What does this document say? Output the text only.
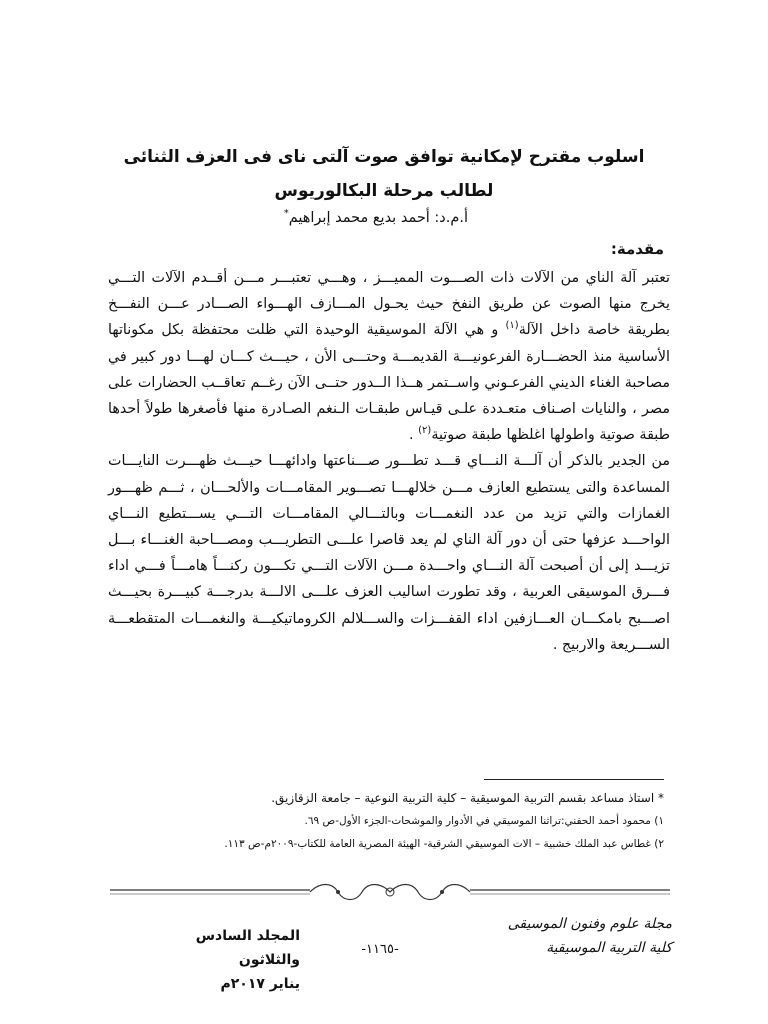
اسلوب مقترح لإمكانية توافق صوت آلتى ناى فى العزف الثنائى

لطالب مرحلة البكالوريوس

أ.م.د: أحمد بديع محمد إبراهيم*
مقدمة:

تعتبر آلة الناي من الآلات ذات الصـــوت المميـــز ، وهـــي تعتبـــر مـــن أقــدم الآلات التـــي يخرج منها الصوت عن طريق النفخ حيث يحـول المـــازف الهـــواء الصـــادر عـــن النفـــخ بطريقة خاصة داخل الآلة$^{(١)}$ و هي الآلة الموسيقية الوحيدة التي ظلت محتفظة بكل مكوناتها الأساسية منذ الحضـــارة الفرعونيـــة القديمـــة وحتـــى الأن ، حيـــث كـــان لهـــا دور كبير في مصاحبة الغناء الديني الفرعـوني واســتمر هــذا الــدور حتــى الآن رغــم تعاقــب الحضارات على مصر ، والنايات اصـناف متعـددة علـى قيـاس طبقـات الـنغم الصـادرة منها فأصغرها طولاً أحدها طبقة صوتية واطولها اغلظها طبقة صوتية$^{(٢)}$ .

من الجدير بالذكر أن آلـــة النـــاي قـــد تطـــور صـــناعتها وادائهـــا حيـــث ظهـــرت النايـــات المساعدة والتى يستطيع العازف مـــن خلالهـــا تصـــوير المقامـــات والألحـــان ، ثـــم ظهـــور الغمازات والتي تزيد من عدد النغمـــات وبالتـــالي المقامـــات التـــي يســـتطيع النـــاي الواحـــد عزفها حتى أن دور آلة الناي لم يعد قاصرا علـــى التطريـــب ومصـــاحبة الغنـــاء بـــل تزيـــد إلى أن أصبحت آلة النـــاي واحـــدة مـــن الآلات التـــي تكـــون ركنـــاً هامـــاً فـــي اداء فـــرق الموسيقى العربية ، وقد تطورت اساليب العزف علـــى الالـــة بدرجـــة كبيـــرة بحيـــث اصـــبح بامكـــان العـــازفين اداء القفـــزات والســـلالم الكروماتيكيـــة والنغمـــات المتقطعـــة الســـريعة والاربيج .

* استاذ مساعد بقسم التربية الموسيقية – كلية التربية النوعية – جامعة الزقازيق.

١) محمود أحمد الحفني:تراثنا الموسيقي في الأدوار والموشحات-الجزء الأول-ص ٦٩.

٢) غطاس عبد الملك خشبية – الات الموسيقي الشرقية- الهيئة المصرية العامة للكتاب-٢٠٠٩م-ص ١١٣.

المجلد السادس والثلاثون
يناير ٢٠١٧م
-١١٦٥-
مجلة علوم وفنون الموسيقى
كلية التربية الموسيقية
